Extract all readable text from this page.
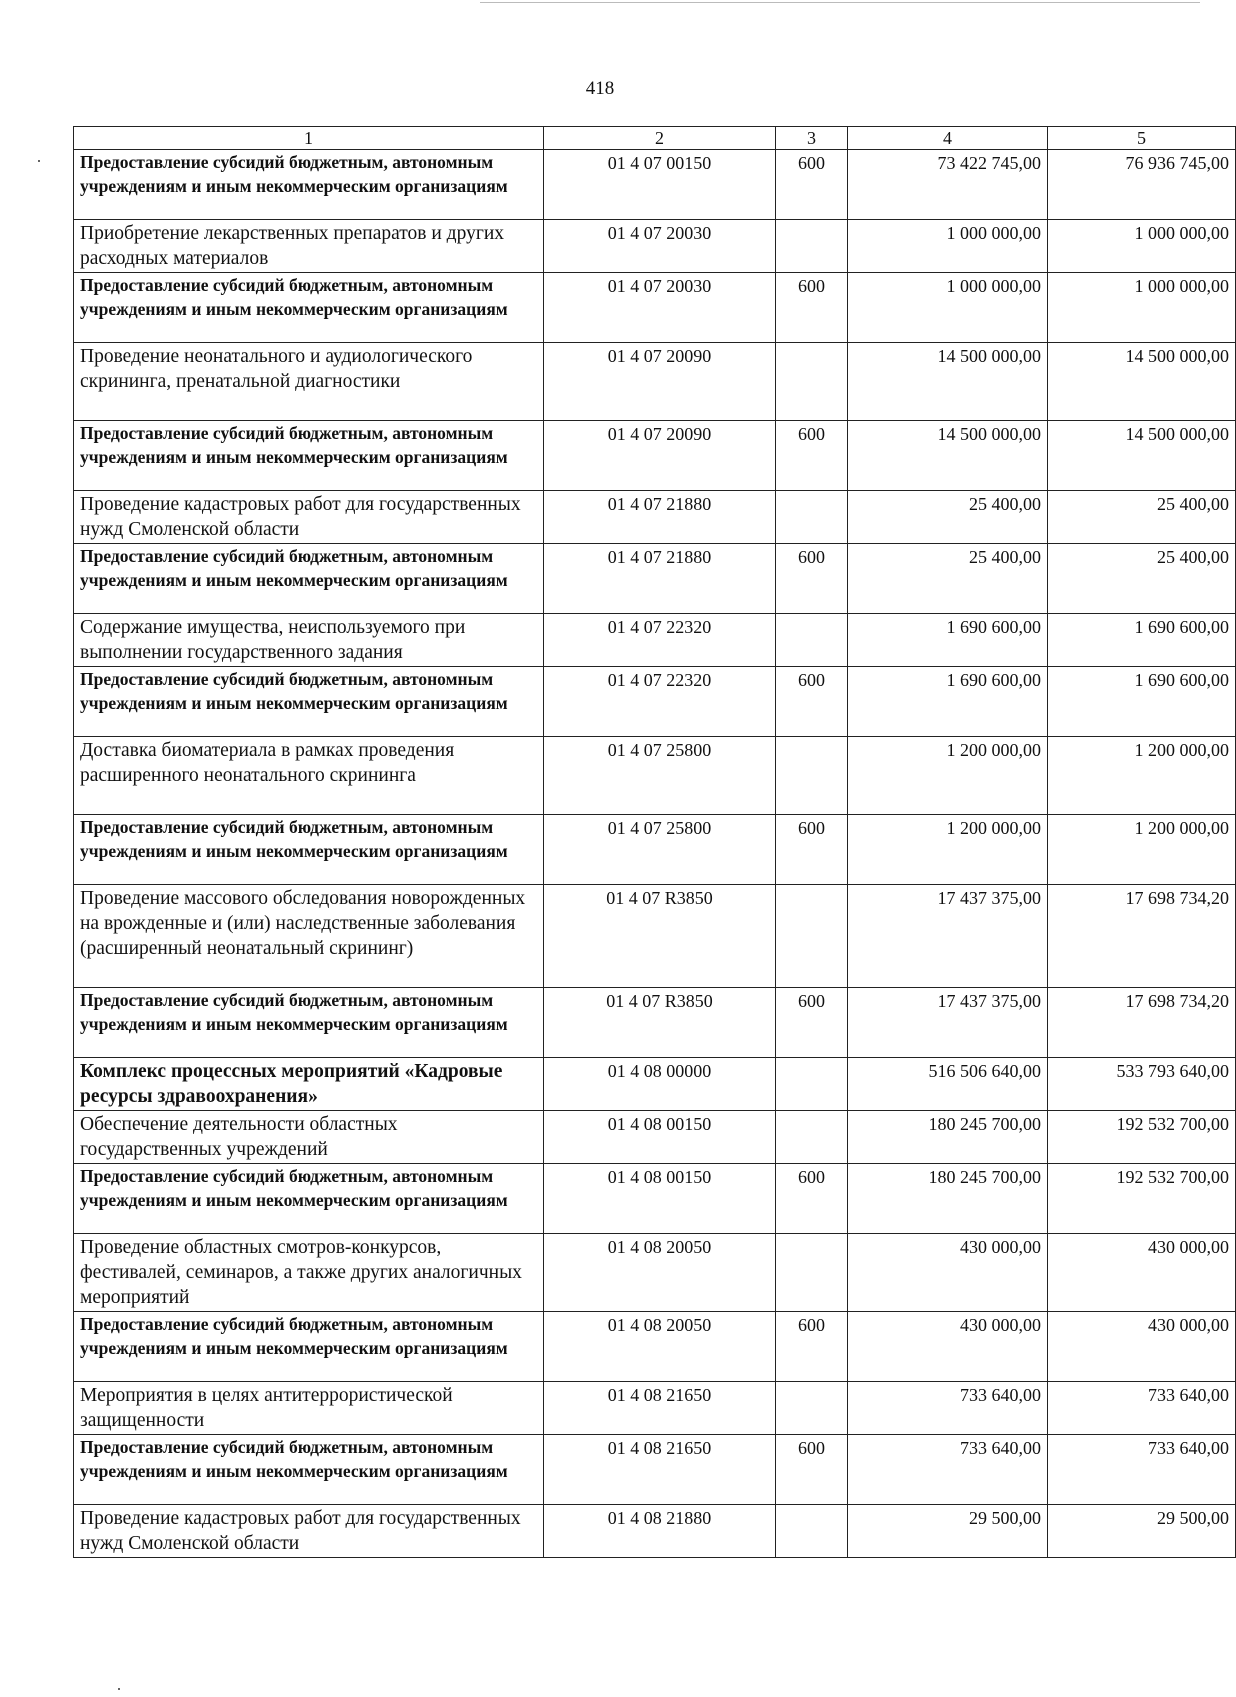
418
1	2	3	4	5
Предоставление субсидий бюджетным, автономным учреждениям и иным некоммерческим организациям	01 4 07 00150	600	73 422 745,00	76 936 745,00
Приобретение лекарственных препаратов и других расходных материалов	01 4 07 20030		1 000 000,00	1 000 000,00
Предоставление субсидий бюджетным, автономным учреждениям и иным некоммерческим организациям	01 4 07 20030	600	1 000 000,00	1 000 000,00
Проведение неонатального и аудиологического скрининга, пренатальной диагностики	01 4 07 20090		14 500 000,00	14 500 000,00
Предоставление субсидий бюджетным, автономным учреждениям и иным некоммерческим организациям	01 4 07 20090	600	14 500 000,00	14 500 000,00
Проведение кадастровых работ для государственных нужд Смоленской области	01 4 07 21880		25 400,00	25 400,00
Предоставление субсидий бюджетным, автономным учреждениям и иным некоммерческим организациям	01 4 07 21880	600	25 400,00	25 400,00
Содержание имущества, неиспользуемого при выполнении государственного задания	01 4 07 22320		1 690 600,00	1 690 600,00
Предоставление субсидий бюджетным, автономным учреждениям и иным некоммерческим организациям	01 4 07 22320	600	1 690 600,00	1 690 600,00
Доставка биоматериала в рамках проведения расширенного неонатального скрининга	01 4 07 25800		1 200 000,00	1 200 000,00
Предоставление субсидий бюджетным, автономным учреждениям и иным некоммерческим организациям	01 4 07 25800	600	1 200 000,00	1 200 000,00
Проведение массового обследования новорожденных на врожденные и (или) наследственные заболевания (расширенный неонатальный скрининг)	01 4 07 R3850		17 437 375,00	17 698 734,20
Предоставление субсидий бюджетным, автономным учреждениям и иным некоммерческим организациям	01 4 07 R3850	600	17 437 375,00	17 698 734,20
Комплекс процессных мероприятий «Кадровые ресурсы здравоохранения»	01 4 08 00000		516 506 640,00	533 793 640,00
Обеспечение деятельности областных государственных учреждений	01 4 08 00150		180 245 700,00	192 532 700,00
Предоставление субсидий бюджетным, автономным учреждениям и иным некоммерческим организациям	01 4 08 00150	600	180 245 700,00	192 532 700,00
Проведение областных смотров-конкурсов, фестивалей, семинаров, а также других аналогичных мероприятий	01 4 08 20050		430 000,00	430 000,00
Предоставление субсидий бюджетным, автономным учреждениям и иным некоммерческим организациям	01 4 08 20050	600	430 000,00	430 000,00
Мероприятия в целях антитеррористической защищенности	01 4 08 21650		733 640,00	733 640,00
Предоставление субсидий бюджетным, автономным учреждениям и иным некоммерческим организациям	01 4 08 21650	600	733 640,00	733 640,00
Проведение кадастровых работ для государственных нужд Смоленской области	01 4 08 21880		29 500,00	29 500,00
